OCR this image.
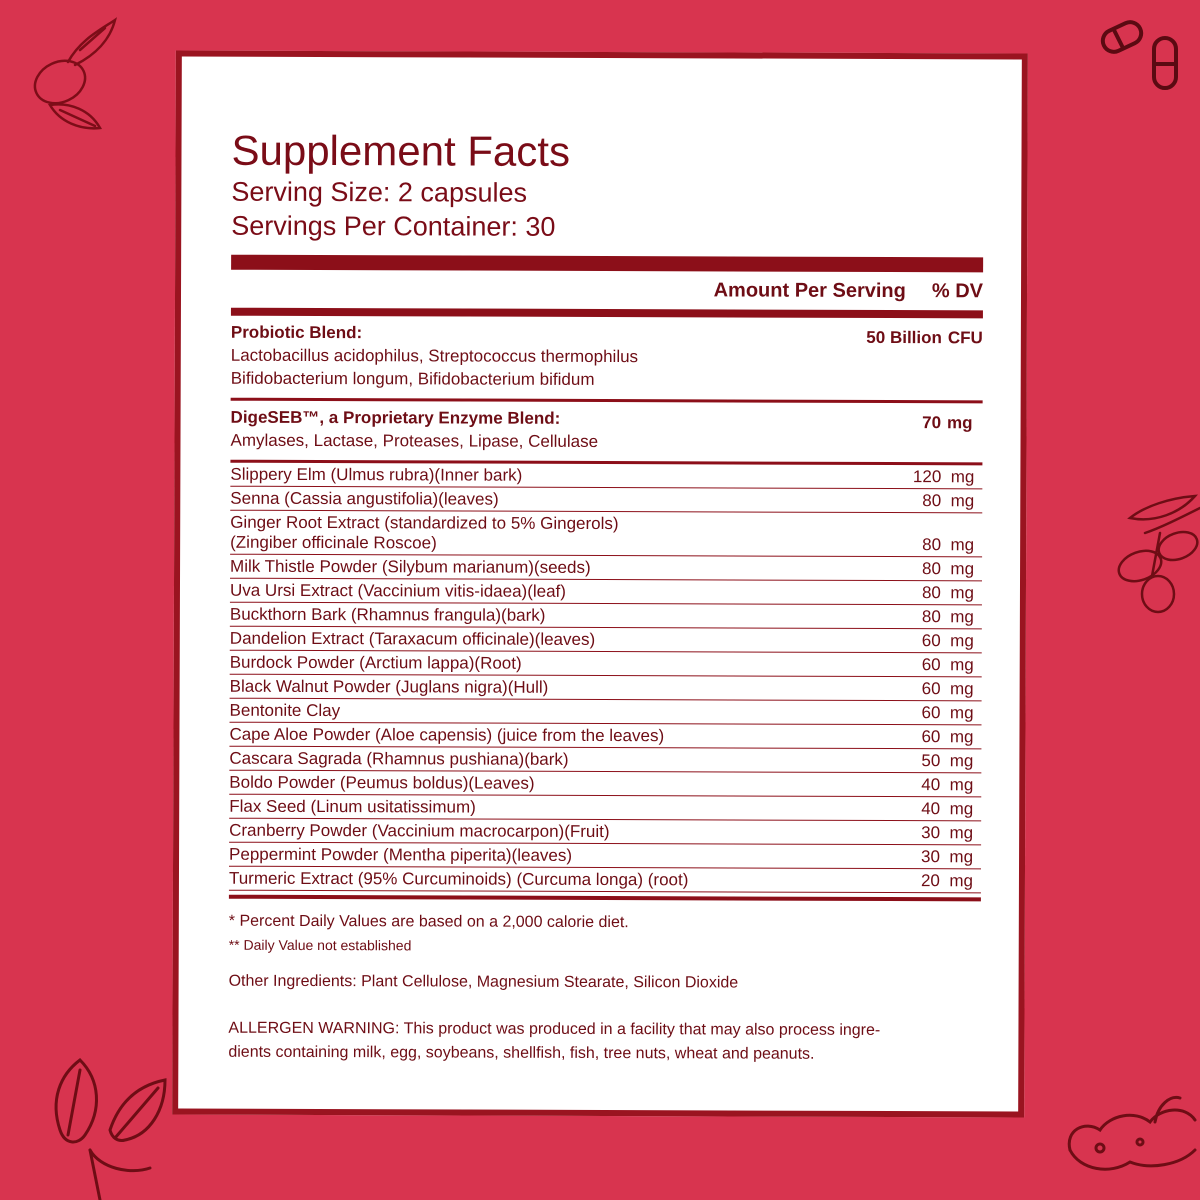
Supplement Facts
Serving Size: 2 capsules
Servings Per Container: 30
Amount Per Serving % DV
Probiotic Blend:
Lactobacillus acidophilus, Streptococcus thermophilus
Bifidobacterium longum, Bifidobacterium bifidum
50 Billion CFU
DigeSEB™, a Proprietary Enzyme Blend:
Amylases, Lactase, Proteases, Lipase, Cellulase
70 mg
Slippery Elm (Ulmus rubra)(Inner bark)	120 mg
Senna (Cassia angustifolia)(leaves)	80 mg
Ginger Root Extract (standardized to 5% Gingerols)
(Zingiber officinale Roscoe)	80 mg
Milk Thistle Powder (Silybum marianum)(seeds)	80 mg
Uva Ursi Extract (Vaccinium vitis-idaea)(leaf)	80 mg
Buckthorn Bark (Rhamnus frangula)(bark)	80 mg
Dandelion Extract (Taraxacum officinale)(leaves)	60 mg
Burdock Powder (Arctium lappa)(Root)	60 mg
Black Walnut Powder (Juglans nigra)(Hull)	60 mg
Bentonite Clay	60 mg
Cape Aloe Powder (Aloe capensis) (juice from the leaves)	60 mg
Cascara Sagrada (Rhamnus pushiana)(bark)	50 mg
Boldo Powder (Peumus boldus)(Leaves)	40 mg
Flax Seed (Linum usitatissimum)	40 mg
Cranberry Powder (Vaccinium macrocarpon)(Fruit)	30 mg
Peppermint Powder (Mentha piperita)(leaves)	30 mg
Turmeric Extract (95% Curcuminoids) (Curcuma longa) (root)	20 mg
* Percent Daily Values are based on a 2,000 calorie diet.
** Daily Value not established
Other Ingredients: Plant Cellulose, Magnesium Stearate, Silicon Dioxide
ALLERGEN WARNING: This product was produced in a facility that may also process ingre-
dients containing milk, egg, soybeans, shellfish, fish, tree nuts, wheat and peanuts.
